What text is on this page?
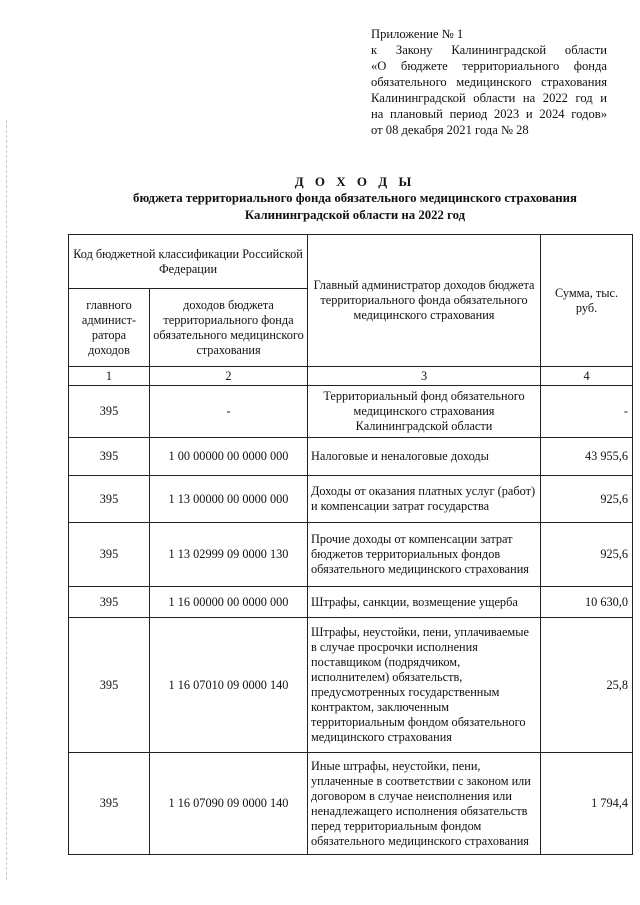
Приложение № 1
к Закону Калининградской области
«О бюджете территориального фонда
обязательного медицинского страхования
Калининградской области на 2022 год и
на плановый период 2023 и 2024 годов»
от 08 декабря 2021 года № 28
Д О Х О Д Ы
бюджета территориального фонда обязательного медицинского страхования
Калининградской области на 2022 год
Код бюджетной классификации Российской Федерации		Главный администратор доходов бюджета территориального фонда обязательного медицинского страхования	Сумма, тыс. руб.
главного админист-ратора доходов	доходов бюджета территориального фонда обязательного медицинского страхования		
1	2	3	4
395	-	Территориальный фонд обязательного медицинского страхования Калининградской области	-
395	1 00 00000 00 0000 000	Налоговые и неналоговые доходы	43 955,6
395	1 13 00000 00 0000 000	Доходы от оказания платных услуг (работ) и компенсации затрат государства	925,6
395	1 13 02999 09 0000 130	Прочие доходы от компенсации затрат бюджетов территориальных фондов обязательного медицинского страхования	925,6
395	1 16 00000 00 0000 000	Штрафы, санкции, возмещение ущерба	10 630,0
395	1 16 07010 09 0000 140	Штрафы, неустойки, пени, уплачиваемые в случае просрочки исполнения поставщиком (подрядчиком, исполнителем) обязательств, предусмотренных государственным контрактом, заключенным территориальным фондом обязательного медицинского страхования	25,8
395	1 16 07090 09 0000 140	Иные штрафы, неустойки, пени, уплаченные в соответствии с законом или договором в случае неисполнения или ненадлежащего исполнения обязательств перед территориальным фондом обязательного медицинского страхования	1 794,4
